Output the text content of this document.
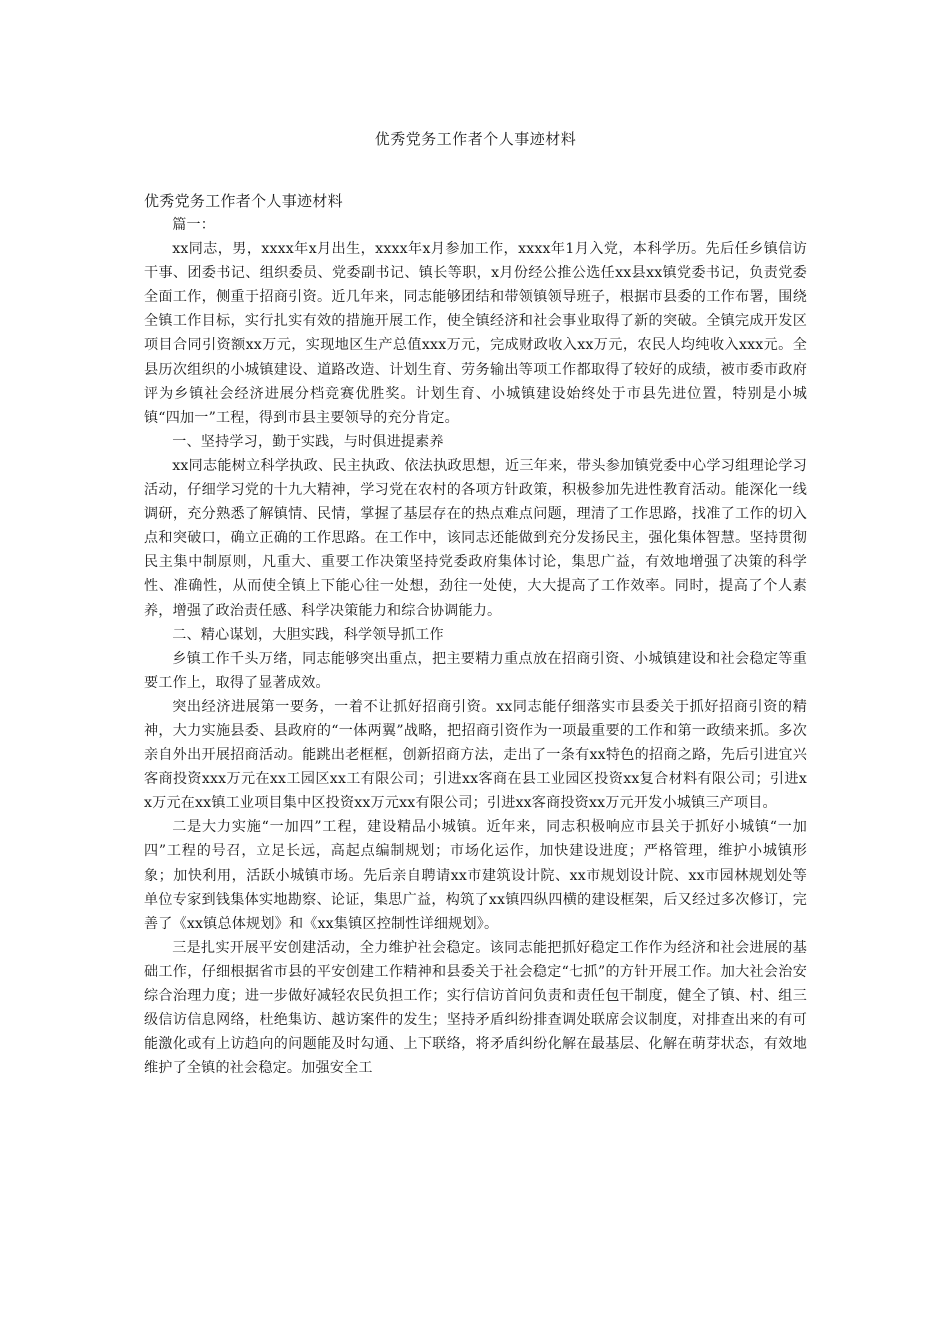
优秀党务工作者个人事迹材料
优秀党务工作者个人事迹材料

篇一：

xx同志，男，xxxx年x月出生，xxxx年x月参加工作，xxxx年1月入党，本科学历。先后任乡镇信访干事、团委书记、组织委员、党委副书记、镇长等职，x月份经公推公选任xx县xx镇党委书记，负责党委全面工作，侧重于招商引资。近几年来，同志能够团结和带领镇领导班子，根据市县委的工作布署，围绕全镇工作目标，实行扎实有效的措施开展工作，使全镇经济和社会事业取得了新的突破。全镇完成开发区项目合同引资额xx万元，实现地区生产总值xxx万元，完成财政收入xx万元，农民人均纯收入xxx元。全县历次组织的小城镇建设、道路改造、计划生育、劳务输出等项工作都取得了较好的成绩，被市委市政府评为乡镇社会经济进展分档竞赛优胜奖。计划生育、小城镇建设始终处于市县先进位置，特别是小城镇“四加一”工程，得到市县主要领导的充分肯定。

一、坚持学习，勤于实践，与时俱进提素养

xx同志能树立科学执政、民主执政、依法执政思想，近三年来，带头参加镇党委中心学习组理论学习活动，仔细学习党的十九大精神，学习党在农村的各项方针政策，积极参加先进性教育活动。能深化一线调研，充分熟悉了解镇情、民情，掌握了基层存在的热点难点问题，理清了工作思路，找准了工作的切入点和突破口，确立正确的工作思路。在工作中，该同志还能做到充分发扬民主，强化集体智慧。坚持贯彻民主集中制原则，凡重大、重要工作决策坚持党委政府集体讨论，集思广益，有效地增强了决策的科学性、准确性，从而使全镇上下能心往一处想，劲往一处使，大大提高了工作效率。同时，提高了个人素养，增强了政治责任感、科学决策能力和综合协调能力。

二、精心谋划，大胆实践，科学领导抓工作

乡镇工作千头万绪，同志能够突出重点，把主要精力重点放在招商引资、小城镇建设和社会稳定等重要工作上，取得了显著成效。

突出经济进展第一要务，一着不让抓好招商引资。xx同志能仔细落实市县委关于抓好招商引资的精神，大力实施县委、县政府的“一体两翼”战略，把招商引资作为一项最重要的工作和第一政绩来抓。多次亲自外出开展招商活动。能跳出老框框，创新招商方法，走出了一条有xx特色的招商之路，先后引进宜兴客商投资xxx万元在xx工园区xx工有限公司；引进xx客商在县工业园区投资xx复合材料有限公司；引进xx万元在xx镇工业项目集中区投资xx万元xx有限公司；引进xx客商投资xx万元开发小城镇三产项目。

二是大力实施“一加四”工程，建设精品小城镇。近年来，同志积极响应市县关于抓好小城镇“一加四”工程的号召，立足长远，高起点编制规划；市场化运作，加快建设进度；严格管理，维护小城镇形象；加快利用，活跃小城镇市场。先后亲自聘请xx市建筑设计院、xx市规划设计院、xx市园林规划处等单位专家到钱集体实地勘察、论证，集思广益，构筑了xx镇四纵四横的建设框架，后又经过多次修订，完善了《xx镇总体规划》和《xx集镇区控制性详细规划》。

三是扎实开展平安创建活动，全力维护社会稳定。该同志能把抓好稳定工作作为经济和社会进展的基础工作，仔细根据省市县的平安创建工作精神和县委关于社会稳定“七抓”的方针开展工作。加大社会治安综合治理力度；进一步做好减轻农民负担工作；实行信访首问负责和责任包干制度，健全了镇、村、组三级信访信息网络，杜绝集访、越访案件的发生；坚持矛盾纠纷排查调处联席会议制度，对排查出来的有可能激化或有上访趋向的问题能及时勾通、上下联络，将矛盾纠纷化解在最基层、化解在萌芽状态，有效地维护了全镇的社会稳定。加强安全工
